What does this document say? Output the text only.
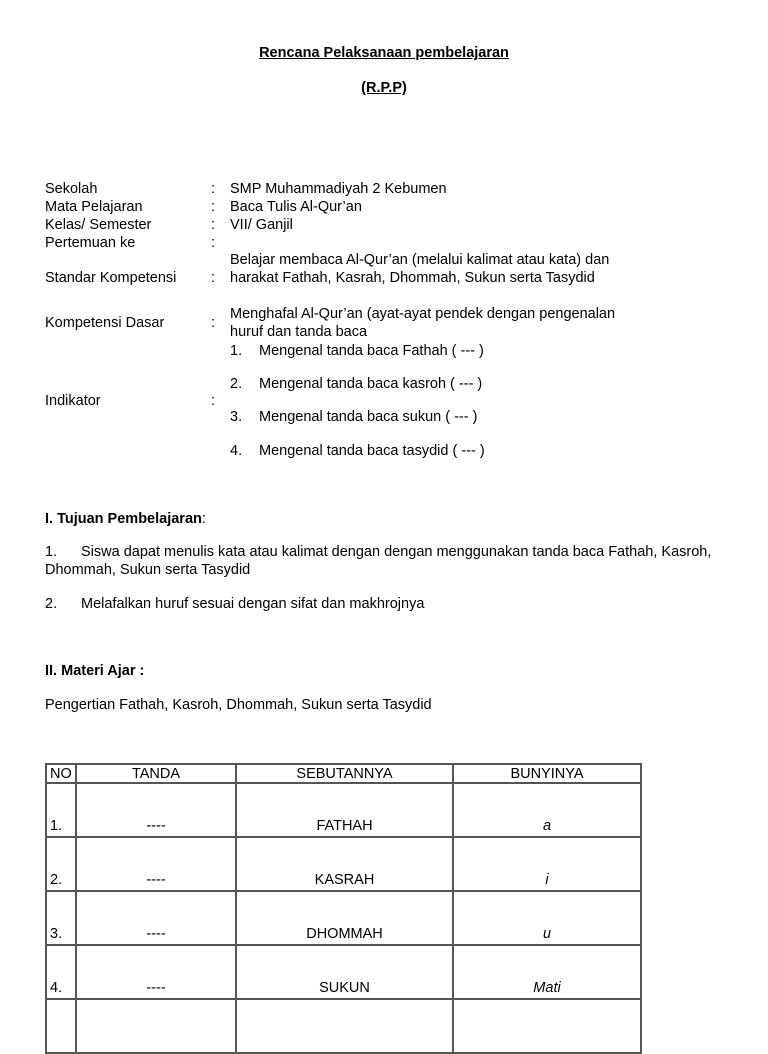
Rencana Pelaksanaan pembelajaran
(R.P.P)
Sekolah	: SMP Muhammadiyah 2 Kebumen
Mata Pelajaran	: Baca Tulis Al-Qur’an
Kelas/ Semester	: VII/ Ganjil
Pertemuan ke	:
Standar Kompetensi :
Belajar membaca Al-Qur’an (melalui kalimat atau kata) dan harakat Fathah, Kasrah, Dhommah, Sukun serta Tasydid
Kompetensi Dasar	:
Menghafal Al-Qur’an (ayat-ayat pendek dengan pengenalan huruf dan tanda baca
Indikator	:
1. Mengenal tanda baca Fathah ( --- )
2. Mengenal tanda baca kasroh ( --- )
3. Mengenal tanda baca sukun ( --- )
4. Mengenal tanda baca tasydid ( --- )
I. Tujuan Pembelajaran:
1. Siswa dapat menulis kata atau kalimat dengan dengan menggunakan tanda baca Fathah, Kasroh, Dhommah, Sukun serta Tasydid
2. Melafalkan huruf sesuai dengan sifat dan makhrojnya
II. Materi Ajar :
Pengertian Fathah, Kasroh, Dhommah, Sukun serta Tasydid
NO	TANDA	SEBUTANNYA	BUNYINYA
1.	----	FATHAH	a
2.	----	KASRAH	i
3.	----	DHOMMAH	u
4.	----	SUKUN	Mati
